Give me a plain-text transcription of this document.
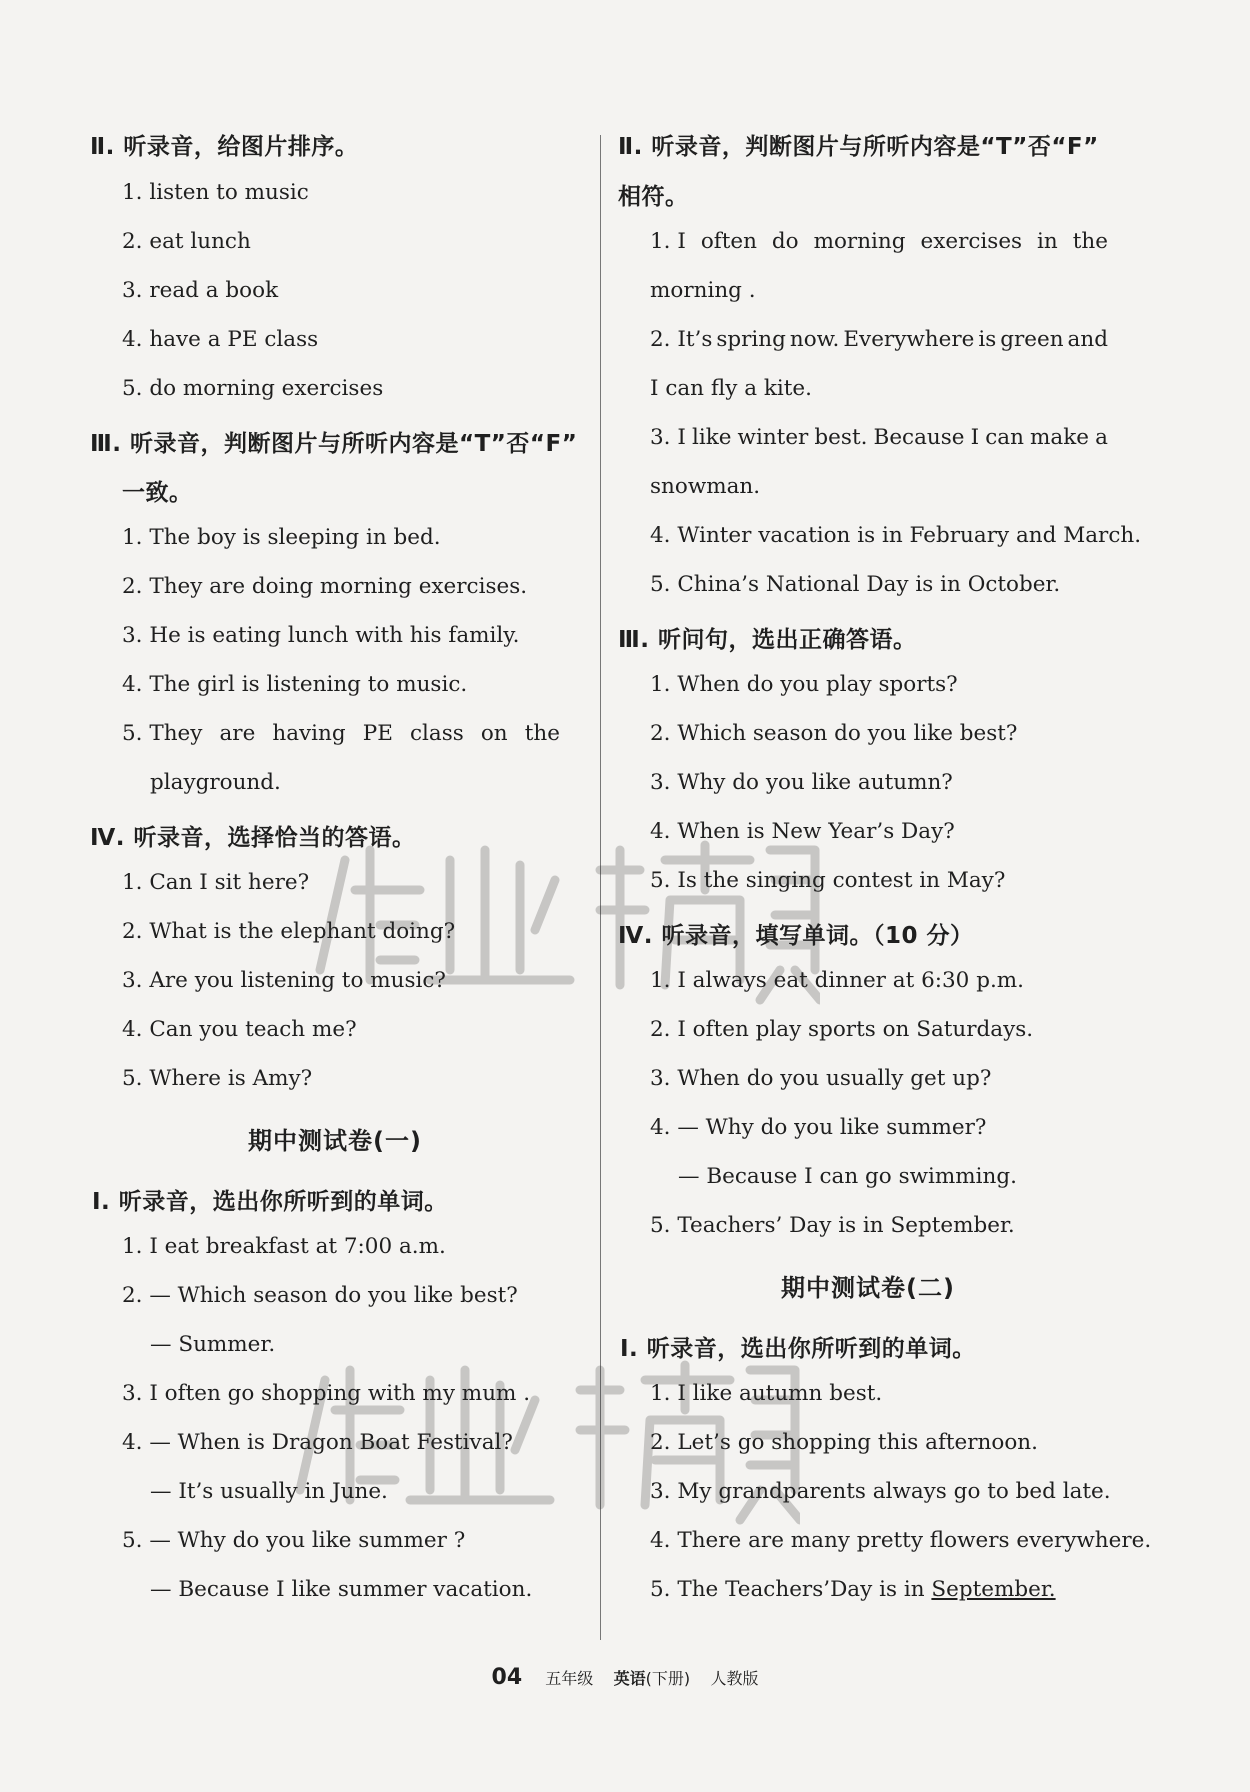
Ⅱ. 听录音，给图片排序。
1. listen to music
2. eat lunch
3. read a book
4. have a PE class
5. do morning exercises
Ⅲ. 听录音，判断图片与所听内容是“T”否“F”
一致。
1. The boy is sleeping in bed.
2. They are doing morning exercises.
3. He is eating lunch with his family.
4. The girl is listening to music.
5. They are having PE class on the
playground.
Ⅳ. 听录音，选择恰当的答语。
1. Can I sit here?
2. What is the elephant doing?
3. Are you listening to music?
4. Can you teach me?
5. Where is Amy?
期中测试卷(一)
Ⅰ. 听录音，选出你所听到的单词。
1. I eat breakfast at 7:00 a.m.
2. — Which season do you like best?
— Summer.
3. I often go shopping with my mum .
4. — When is Dragon Boat Festival?
— It’s usually in June.
5. — Why do you like summer ?
— Because I like summer vacation.
Ⅱ. 听录音，判断图片与所听内容是“T”否“F”
相符。
1. I often do morning exercises in the
morning .
2. It’s spring now. Everywhere is green and
I can fly a kite.
3. I like winter best. Because I can make a
snowman.
4. Winter vacation is in February and March.
5. China’s National Day is in October.
Ⅲ. 听问句，选出正确答语。
1. When do you play sports?
2. Which season do you like best?
3. Why do you like autumn?
4. When is New Year’s Day?
5. Is the singing contest in May?
Ⅳ. 听录音，填写单词。（10 分）
1. I always eat dinner at 6:30 p.m.
2. I often play sports on Saturdays.
3. When do you usually get up?
4. — Why do you like summer?
— Because I can go swimming.
5. Teachers’ Day is in September.
期中测试卷(二)
Ⅰ. 听录音，选出你所听到的单词。
1. I like autumn best.
2. Let’s go shopping this afternoon.
3. My grandparents always go to bed late.
4. There are many pretty flowers everywhere.
5. The Teachers’Day is in September.
04 五年级 英语(下册) 人教版
